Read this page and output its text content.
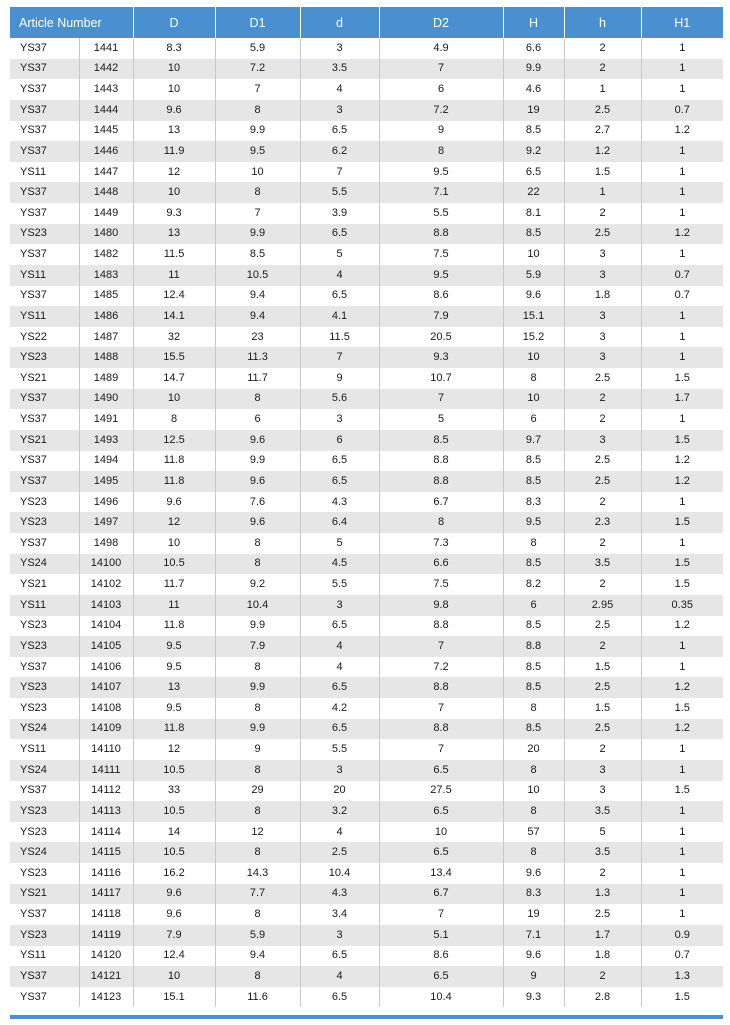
Article Number		D	D1	d	D2	H	h	H1
YS37	1441	8.3	5.9	3	4.9	6.6	2	1
YS37	1442	10	7.2	3.5	7	9.9	2	1
YS37	1443	10	7	4	6	4.6	1	1
YS37	1444	9.6	8	3	7.2	19	2.5	0.7
YS37	1445	13	9.9	6.5	9	8.5	2.7	1.2
YS37	1446	11.9	9.5	6.2	8	9.2	1.2	1
YS11	1447	12	10	7	9.5	6.5	1.5	1
YS37	1448	10	8	5.5	7.1	22	1	1
YS37	1449	9.3	7	3.9	5.5	8.1	2	1
YS23	1480	13	9.9	6.5	8.8	8.5	2.5	1.2
YS37	1482	11.5	8.5	5	7.5	10	3	1
YS11	1483	11	10.5	4	9.5	5.9	3	0.7
YS37	1485	12.4	9.4	6.5	8.6	9.6	1.8	0.7
YS11	1486	14.1	9.4	4.1	7.9	15.1	3	1
YS22	1487	32	23	11.5	20.5	15.2	3	1
YS23	1488	15.5	11.3	7	9.3	10	3	1
YS21	1489	14.7	11.7	9	10.7	8	2.5	1.5
YS37	1490	10	8	5.6	7	10	2	1.7
YS37	1491	8	6	3	5	6	2	1
YS21	1493	12.5	9.6	6	8.5	9.7	3	1.5
YS37	1494	11.8	9.9	6.5	8.8	8.5	2.5	1.2
YS37	1495	11.8	9.6	6.5	8.8	8.5	2.5	1.2
YS23	1496	9.6	7.6	4.3	6.7	8.3	2	1
YS23	1497	12	9.6	6.4	8	9.5	2.3	1.5
YS37	1498	10	8	5	7.3	8	2	1
YS24	14100	10.5	8	4.5	6.6	8.5	3.5	1.5
YS21	14102	11.7	9.2	5.5	7.5	8.2	2	1.5
YS11	14103	11	10.4	3	9.8	6	2.95	0.35
YS23	14104	11.8	9.9	6.5	8.8	8.5	2.5	1.2
YS23	14105	9.5	7.9	4	7	8.8	2	1
YS37	14106	9.5	8	4	7.2	8.5	1.5	1
YS23	14107	13	9.9	6.5	8.8	8.5	2.5	1.2
YS23	14108	9.5	8	4.2	7	8	1.5	1.5
YS24	14109	11.8	9.9	6.5	8.8	8.5	2.5	1.2
YS11	14110	12	9	5.5	7	20	2	1
YS24	14111	10.5	8	3	6.5	8	3	1
YS37	14112	33	29	20	27.5	10	3	1.5
YS23	14113	10.5	8	3.2	6.5	8	3.5	1
YS23	14114	14	12	4	10	57	5	1
YS24	14115	10.5	8	2.5	6.5	8	3.5	1
YS23	14116	16.2	14.3	10.4	13.4	9.6	2	1
YS21	14117	9.6	7.7	4.3	6.7	8.3	1.3	1
YS37	14118	9.6	8	3.4	7	19	2.5	1
YS23	14119	7.9	5.9	3	5.1	7.1	1.7	0.9
YS11	14120	12.4	9.4	6.5	8.6	9.6	1.8	0.7
YS37	14121	10	8	4	6.5	9	2	1.3
YS37	14123	15.1	11.6	6.5	10.4	9.3	2.8	1.5
